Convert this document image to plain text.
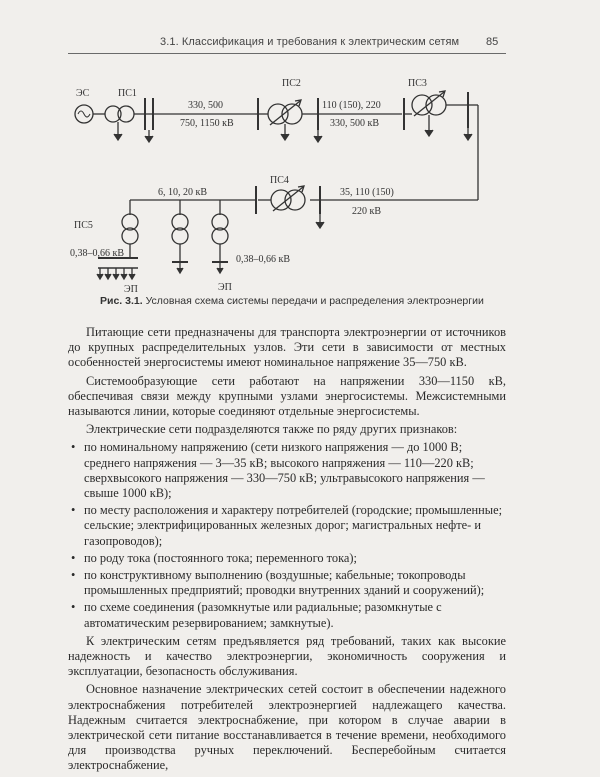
3.1. Классификация и требования к электрическим сетям 85
ЭС	ПС1
ПС2	ПС3
ПС4
ПС5
330, 500
750, 1150 кВ
110 (150), 220
330, 500 кВ
35, 110 (150)
220 кВ
6, 10, 20 кВ
0,38–0,66 кВ
0,38–0,66 кВ
ЭП	ЭП
Рис. 3.1. Условная схема системы передачи и распределения электроэнергии

Питающие сети предназначены для транспорта электроэнергии от источников до крупных распределительных узлов. Эти сети в зависимости от местных особенностей энергосистемы имеют номинальное напряжение 35—750 кВ.

Системообразующие сети работают на напряжении 330—1150 кВ, обеспечивая связи между крупными узлами энергосистемы. Межсистемными называются линии, которые соединяют отдельные энергосистемы.

Электрические сети подразделяются также по ряду других признаков:

• по номинальному напряжению (сети низкого напряжения — до 1000 В; среднего напряжения — 3—35 кВ; высокого напряжения — 110—220 кВ; сверхвысокого напряжения — 330—750 кВ; ультравысокого напряжения — свыше 1000 кВ);
• по месту расположения и характеру потребителей (городские; промышленные; сельские; электрифицированных железных дорог; магистральных нефте- и газопроводов);
• по роду тока (постоянного тока; переменного тока);
• по конструктивному выполнению (воздушные; кабельные; токопроводы промышленных предприятий; проводки внутренних зданий и сооружений);
• по схеме соединения (разомкнутые или радиальные; разомкнутые с автоматическим резервированием; замкнутые).

К электрическим сетям предъявляется ряд требований, таких как высокие надежность и качество электроэнергии, экономичность сооружения и эксплуатации, безопасность обслуживания.

Основное назначение электрических сетей состоит в обеспечении надежного электроснабжения потребителей электроэнергией надлежащего качества. Надежным считается электроснабжение, при котором в случае аварии в электрической сети питание восстанавливается в течение времени, необходимого для производства ручных переключений. Бесперебойным считается электроснабжение,
